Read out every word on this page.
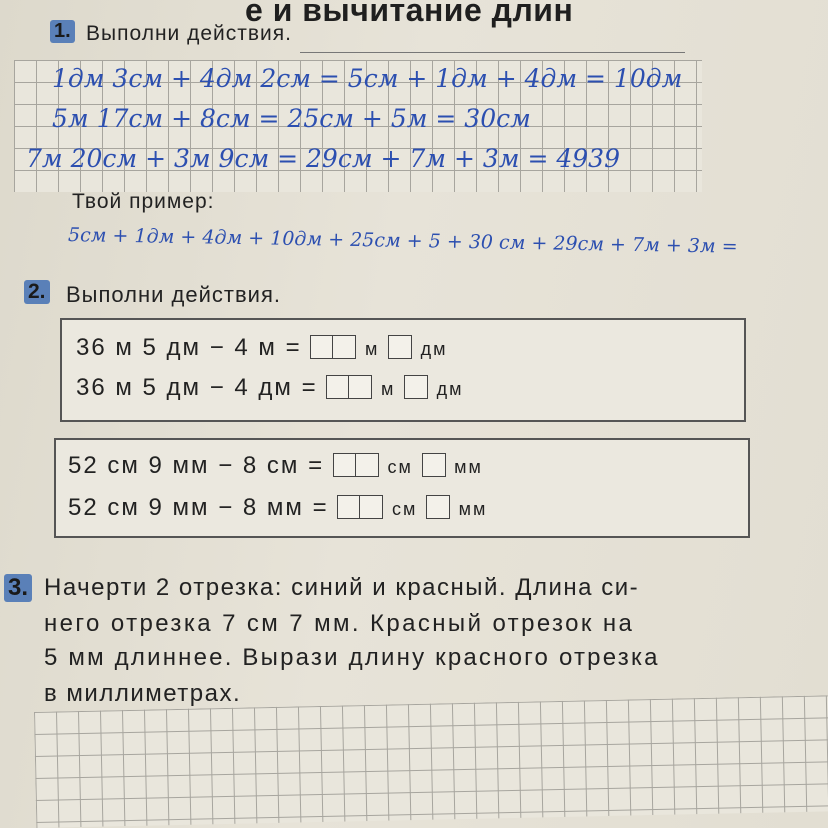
е и вычитание длин
1. Выполни действия.
1дм 3см + 4дм 2см = 5см + 1дм + 4дм = 10дм
5м 17см + 8см = 25см + 5м = 30см
7м 20см + 3м 9см = 29см + 7м + 3м = 4939
Твой пример:
5см + 1дм + 4дм + 10дм + 25см + 5 + 30 см + 29см + 7м + 3м =
2. Выполни действия.
36 м 5 дм − 4 м =	м дм
36 м 5 дм − 4 дм =	м дм
52 см 9 мм − 8 см =	см мм
52 см 9 мм − 8 мм =	см мм
3. Начерти 2 отрезка: синий и красный. Длина си-
него отрезка 7 см 7 мм. Красный отрезок на
5 мм длиннее. Вырази длину красного отрезка
в миллиметрах.
